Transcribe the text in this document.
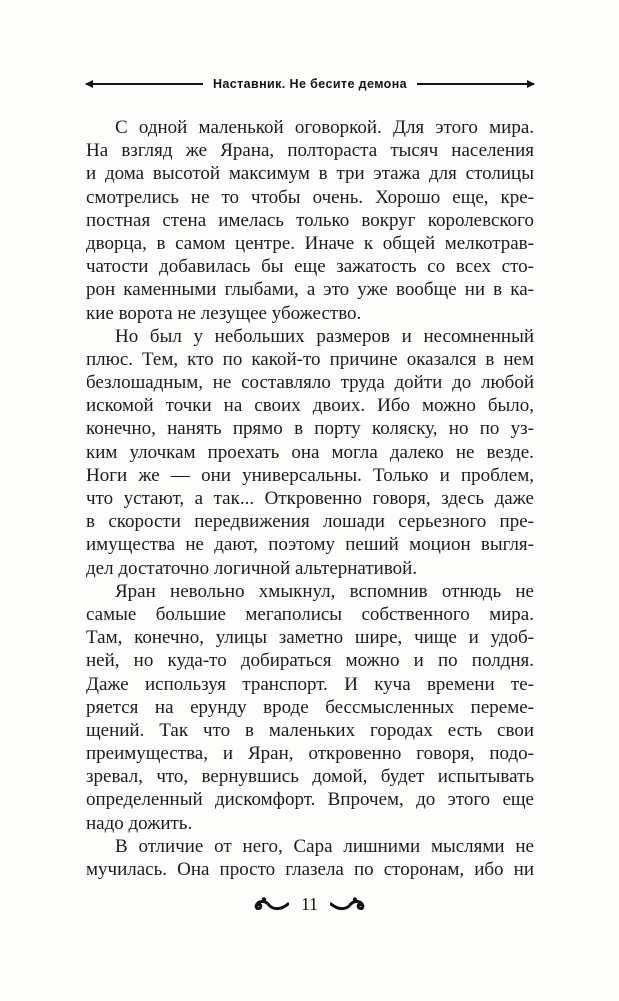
Наставник. Не бесите демона
С одной маленькой оговоркой. Для этого мира.
На взгляд же Ярана, полтораста тысяч населения
и дома высотой максимум в три этажа для столицы
смотрелись не то чтобы очень. Хорошо еще, кре-
постная стена имелась только вокруг королевского
дворца, в самом центре. Иначе к общей мелкотрав-
чатости добавилась бы еще зажатость со всех сто-
рон каменными глыбами, а это уже вообще ни в ка-
кие ворота не лезущее убожество.
Но был у небольших размеров и несомненный
плюс. Тем, кто по какой-то причине оказался в нем
безлошадным, не составляло труда дойти до любой
искомой точки на своих двоих. Ибо можно было,
конечно, нанять прямо в порту коляску, но по уз-
ким улочкам проехать она могла далеко не везде.
Ноги же — они универсальны. Только и проблем,
что устают, а так... Откровенно говоря, здесь даже
в скорости передвижения лошади серьезного пре-
имущества не дают, поэтому пеший моцион выгля-
дел достаточно логичной альтернативой.
Яран невольно хмыкнул, вспомнив отнюдь не
самые большие мегаполисы собственного мира.
Там, конечно, улицы заметно шире, чище и удоб-
ней, но куда-то добираться можно и по полдня.
Даже используя транспорт. И куча времени те-
ряется на ерунду вроде бессмысленных переме-
щений. Так что в маленьких городах есть свои
преимущества, и Яран, откровенно говоря, подо-
зревал, что, вернувшись домой, будет испытывать
определенный дискомфорт. Впрочем, до этого еще
надо дожить.
В отличие от него, Сара лишними мыслями не
мучилась. Она просто глазела по сторонам, ибо ни
11
